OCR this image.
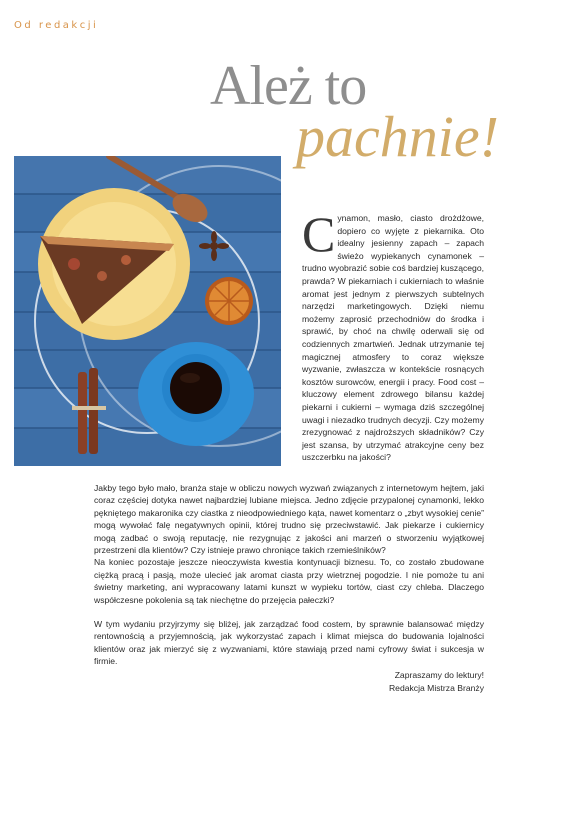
Od redakcji
Ależ to
pachnie!
Cynamon, masło, ciasto drożdżowe, dopiero co wyjęte z piekarnika. Oto idealny jesienny zapach – zapach świeżo wypiekanych cynamonek – trudno wyobrazić sobie coś bardziej kuszącego, prawda? W piekarniach i cukierniach to właśnie aromat jest jednym z pierwszych subtelnych narzędzi marketingowych. Dzięki niemu możemy zaprosić przechodniów do środka i sprawić, by choć na chwilę oderwali się od codziennych zmartwień. Jednak utrzymanie tej magicznej atmosfery to coraz większe wyzwanie, zwłaszcza w kontekście rosnących kosztów surowców, energii i pracy. Food cost – kluczowy element zdrowego bilansu każdej piekarni i cukierni – wymaga dziś szczególnej uwagi i niezadko trudnych decyzji. Czy możemy zrezygnować z najdroższych składników? Czy jest szansa, by utrzymać atrakcyjne ceny bez uszczerbku na jakości?

Jakby tego było mało, branża staje w obliczu nowych wyzwań związanych z internetowym hejtem, jaki coraz częściej dotyka nawet najbardziej lubiane miejsca. Jedno zdjęcie przypalonej cynamonki, lekko pękniętego makaronika czy ciastka z nieodpowiedniego kąta, nawet komentarz o „zbyt wysokiej cenie” mogą wywołać falę negatywnych opinii, której trudno się przeciwstawić. Jak piekarze i cukiernicy mogą zadbać o swoją reputację, nie rezygnując z jakości ani marzeń o stworzeniu wyjątkowej przestrzeni dla klientów? Czy istnieje prawo chroniące takich rzemieślników?

Na koniec pozostaje jeszcze nieoczywista kwestia kontynuacji biznesu. To, co zostało zbudowane ciężką pracą i pasją, może ulecieć jak aromat ciasta przy wietrznej pogodzie. I nie pomoże tu ani świetny marketing, ani wypracowany latami kunszt w wypieku tortów, ciast czy chleba. Dlaczego współczesne pokolenia są tak niechętne do przejęcia pałeczki?

W tym wydaniu przyjrzymy się bliżej, jak zarządzać food costem, by sprawnie balansować między rentownością a przyjemnością, jak wykorzystać zapach i klimat miejsca do budowania lojalności klientów oraz jak mierzyć się z wyzwaniami, które stawiają przed nami cyfrowy świat i sukcesja w firmie.

Zapraszamy do lektury!
Redakcja Mistrza Branży
